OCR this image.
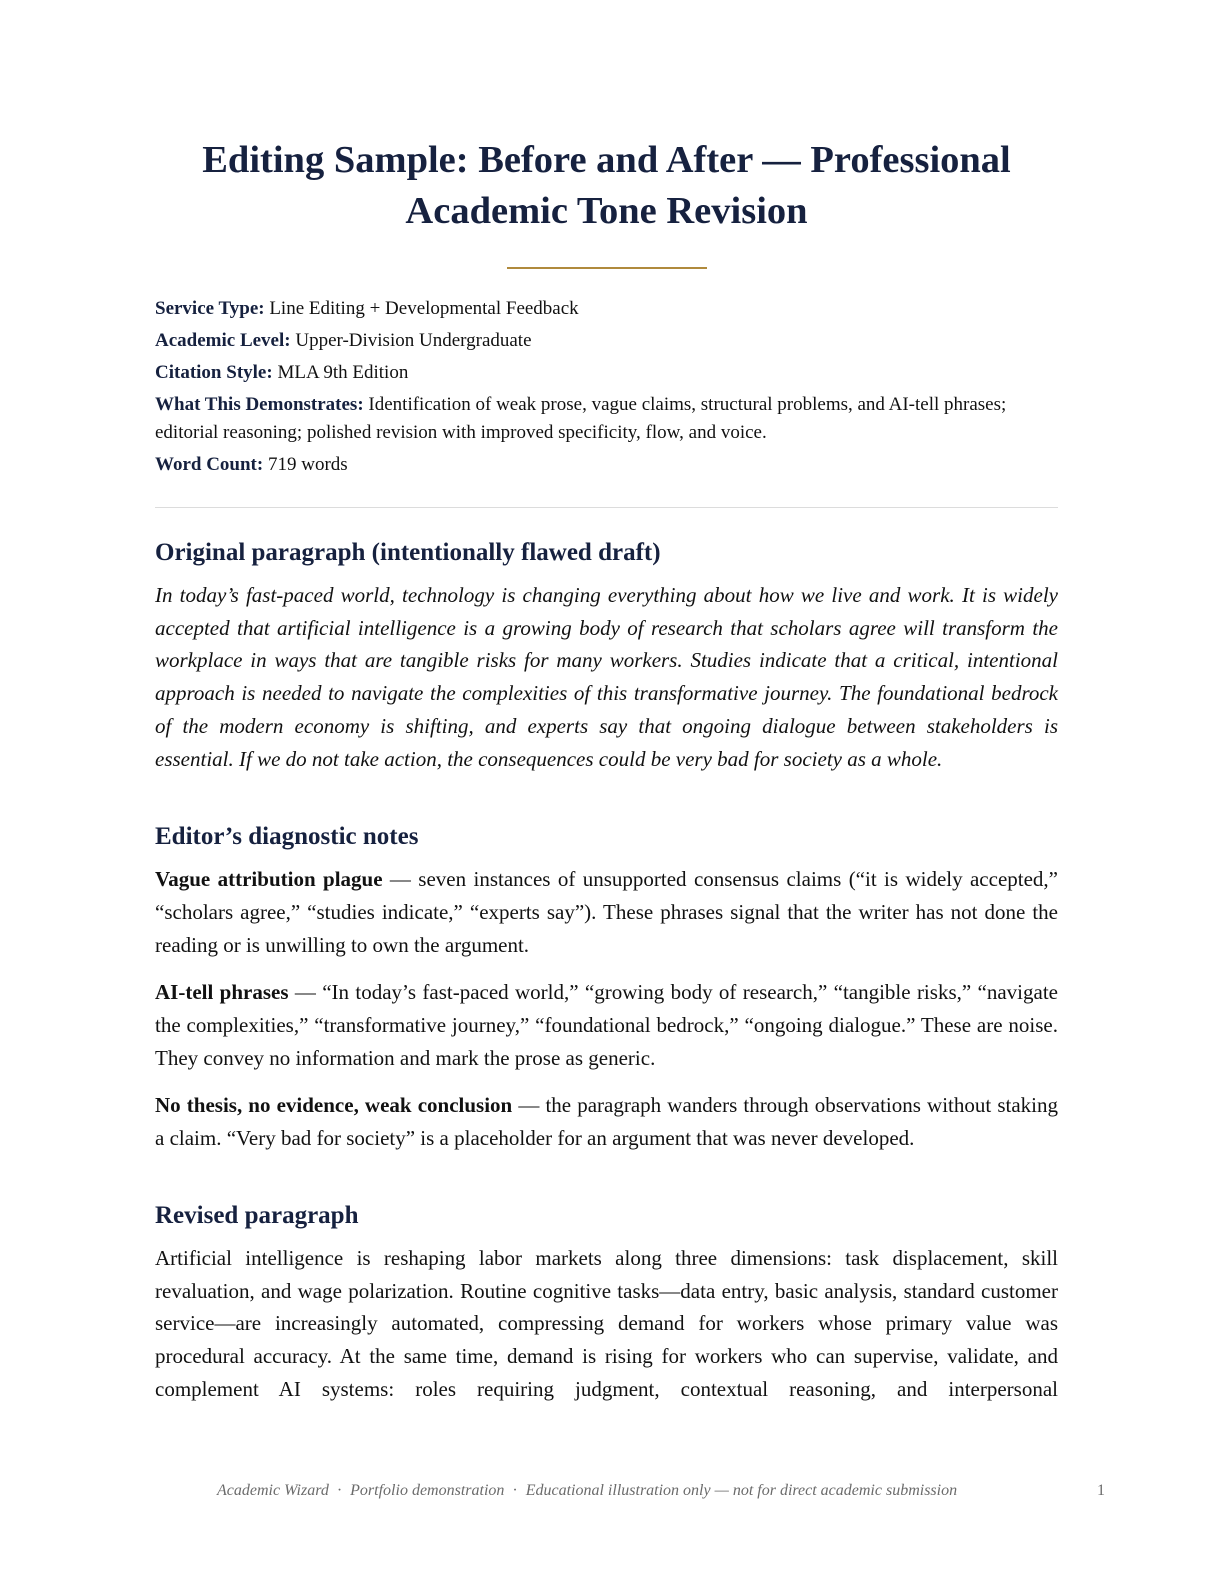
Editing Sample: Before and After — Professional Academic Tone Revision
Service Type: Line Editing + Developmental Feedback
Academic Level: Upper-Division Undergraduate
Citation Style: MLA 9th Edition
What This Demonstrates: Identification of weak prose, vague claims, structural problems, and AI-tell phrases; editorial reasoning; polished revision with improved specificity, flow, and voice.
Word Count: 719 words
Original paragraph (intentionally flawed draft)

In today’s fast-paced world, technology is changing everything about how we live and work. It is widely accepted that artificial intelligence is a growing body of research that scholars agree will transform the workplace in ways that are tangible risks for many workers. Studies indicate that a critical, intentional approach is needed to navigate the complexities of this transformative journey. The foundational bedrock of the modern economy is shifting, and experts say that ongoing dialogue between stakeholders is essential. If we do not take action, the consequences could be very bad for society as a whole.

Editor’s diagnostic notes

Vague attribution plague — seven instances of unsupported consensus claims (“it is widely accepted,” “scholars agree,” “studies indicate,” “experts say”). These phrases signal that the writer has not done the reading or is unwilling to own the argument.

AI-tell phrases — “In today’s fast-paced world,” “growing body of research,” “tangible risks,” “navigate the complexities,” “transformative journey,” “foundational bedrock,” “ongoing dialogue.” These are noise. They convey no information and mark the prose as generic.

No thesis, no evidence, weak conclusion — the paragraph wanders through observations without staking a claim. “Very bad for society” is a placeholder for an argument that was never developed.

Revised paragraph

Artificial intelligence is reshaping labor markets along three dimensions: task displacement, skill revaluation, and wage polarization. Routine cognitive tasks—data entry, basic analysis, standard customer service—are increasingly automated, compressing demand for workers whose primary value was procedural accuracy. At the same time, demand is rising for workers who can supervise, validate, and complement AI systems: roles requiring judgment, contextual reasoning, and interpersonal

Academic Wizard · Portfolio demonstration · Educational illustration only — not for direct academic submission	1
